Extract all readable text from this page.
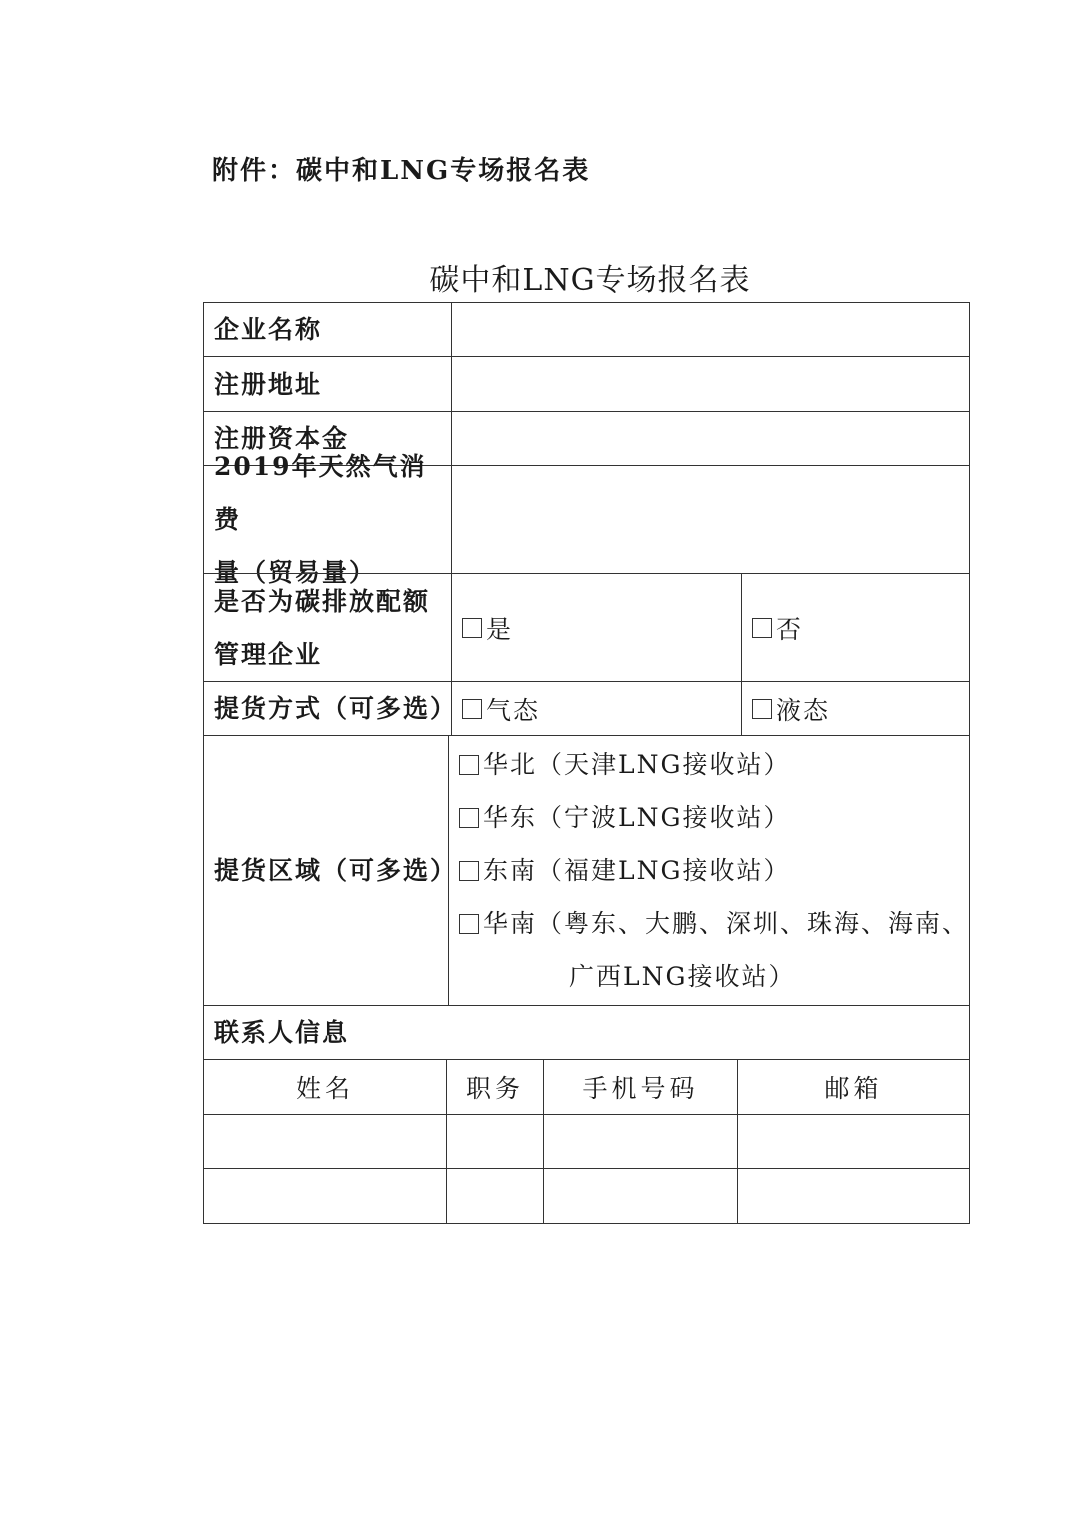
附件：碳中和LNG专场报名表
碳中和LNG专场报名表
企业名称
注册地址
注册资本金
2019年天然气消费
量（贸易量）
是否为碳排放配额
管理企业
是	否
提货方式（可多选） 气态	液态
提货区域（可多选）
华北（天津LNG接收站）
华东（宁波LNG接收站）
东南（福建LNG接收站）
华南（粤东、大鹏、深圳、珠海、海南、
广西LNG接收站）
联系人信息
姓名	职务	手机号码	邮箱
